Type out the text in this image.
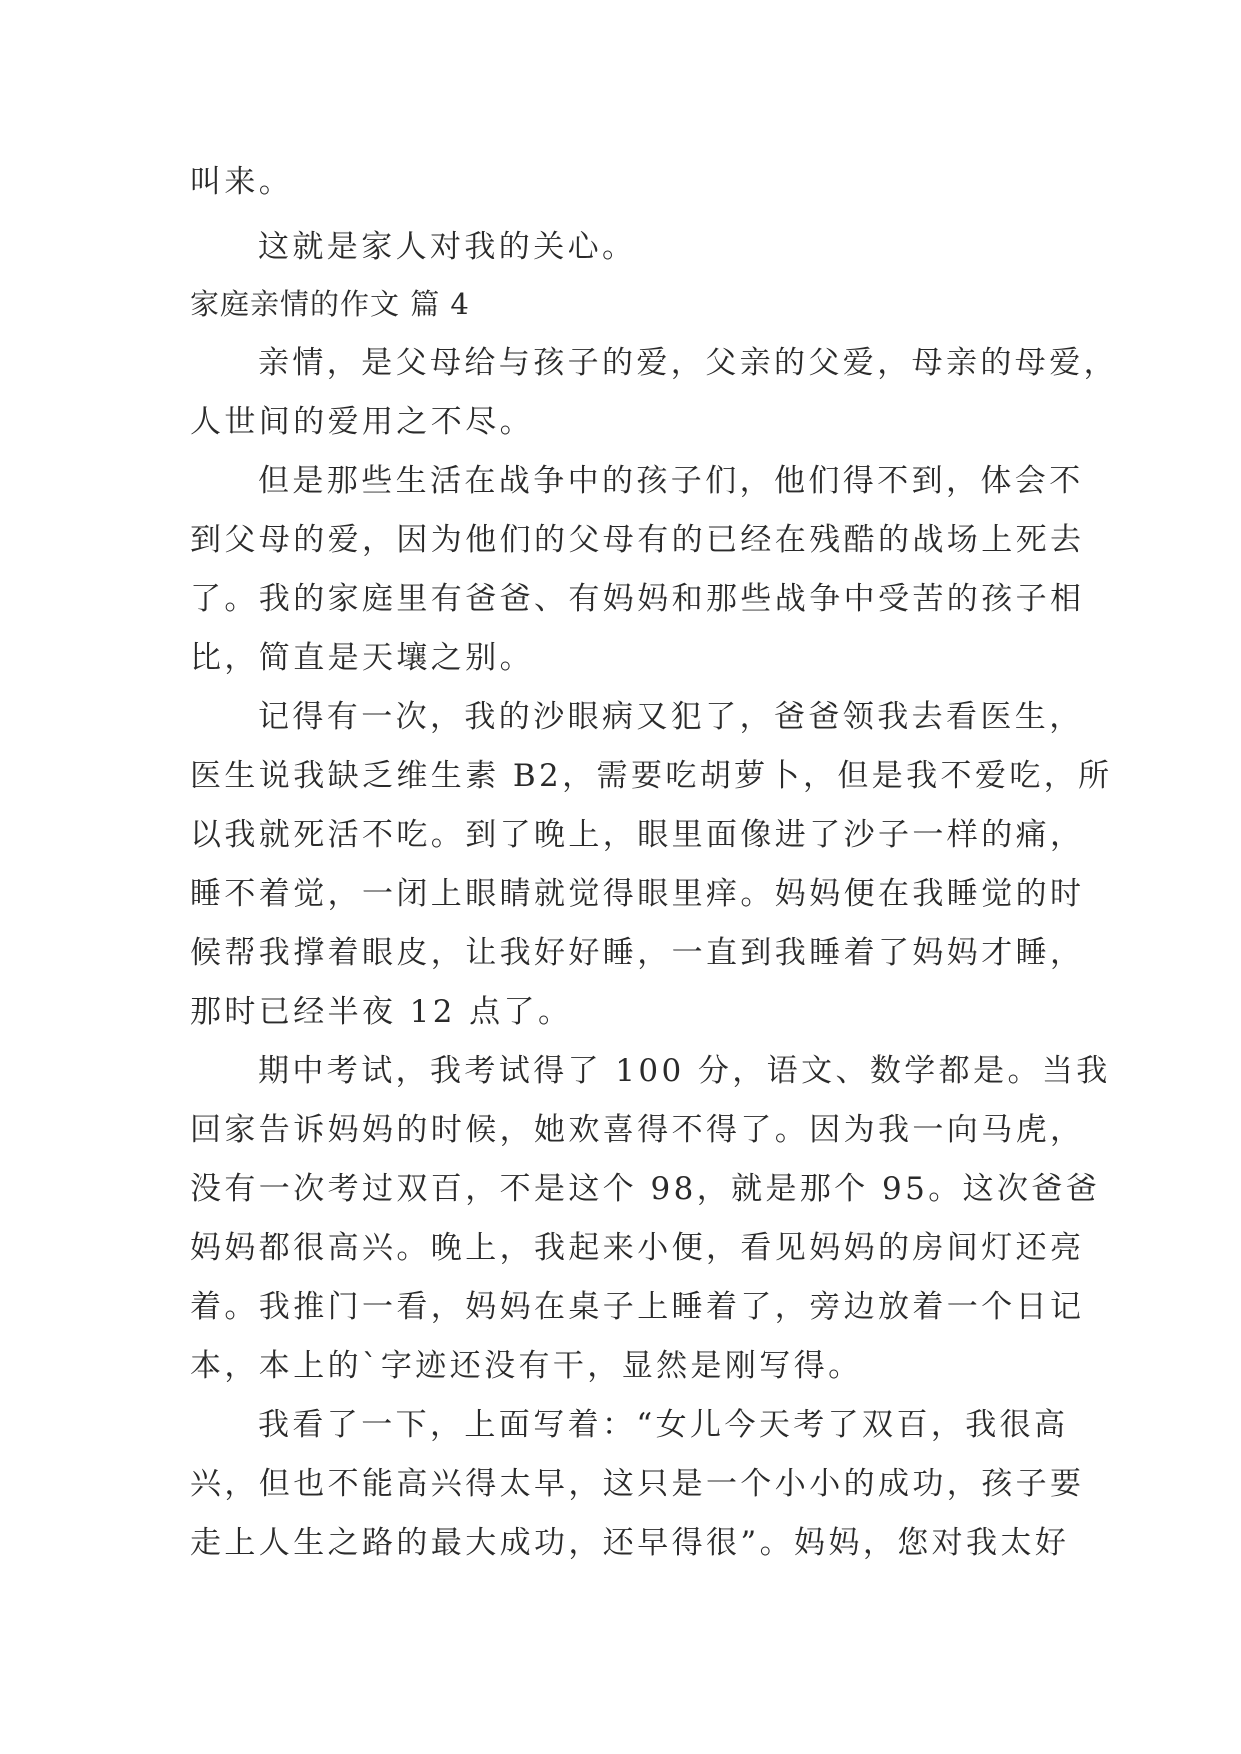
叫来。
这就是家人对我的关心。
家庭亲情的作文 篇 4
亲情，是父母给与孩子的爱，父亲的父爱，母亲的母爱，
人世间的爱用之不尽。
但是那些生活在战争中的孩子们，他们得不到，体会不
到父母的爱，因为他们的父母有的已经在残酷的战场上死去
了。我的家庭里有爸爸、有妈妈和那些战争中受苦的孩子相
比，简直是天壤之别。
记得有一次，我的沙眼病又犯了，爸爸领我去看医生，
医生说我缺乏维生素 B2，需要吃胡萝卜，但是我不爱吃，所
以我就死活不吃。到了晚上，眼里面像进了沙子一样的痛，
睡不着觉，一闭上眼睛就觉得眼里痒。妈妈便在我睡觉的时
候帮我撑着眼皮，让我好好睡，一直到我睡着了妈妈才睡，
那时已经半夜 12 点了。
期中考试，我考试得了 100 分，语文、数学都是。当我
回家告诉妈妈的时候，她欢喜得不得了。因为我一向马虎，
没有一次考过双百，不是这个 98，就是那个 95。这次爸爸
妈妈都很高兴。晚上，我起来小便，看见妈妈的房间灯还亮
着。我推门一看，妈妈在桌子上睡着了，旁边放着一个日记
本，本上的`字迹还没有干，显然是刚写得。
我看了一下，上面写着：“女儿今天考了双百，我很高
兴，但也不能高兴得太早，这只是一个小小的成功，孩子要
走上人生之路的最大成功，还早得很”。妈妈，您对我太好
